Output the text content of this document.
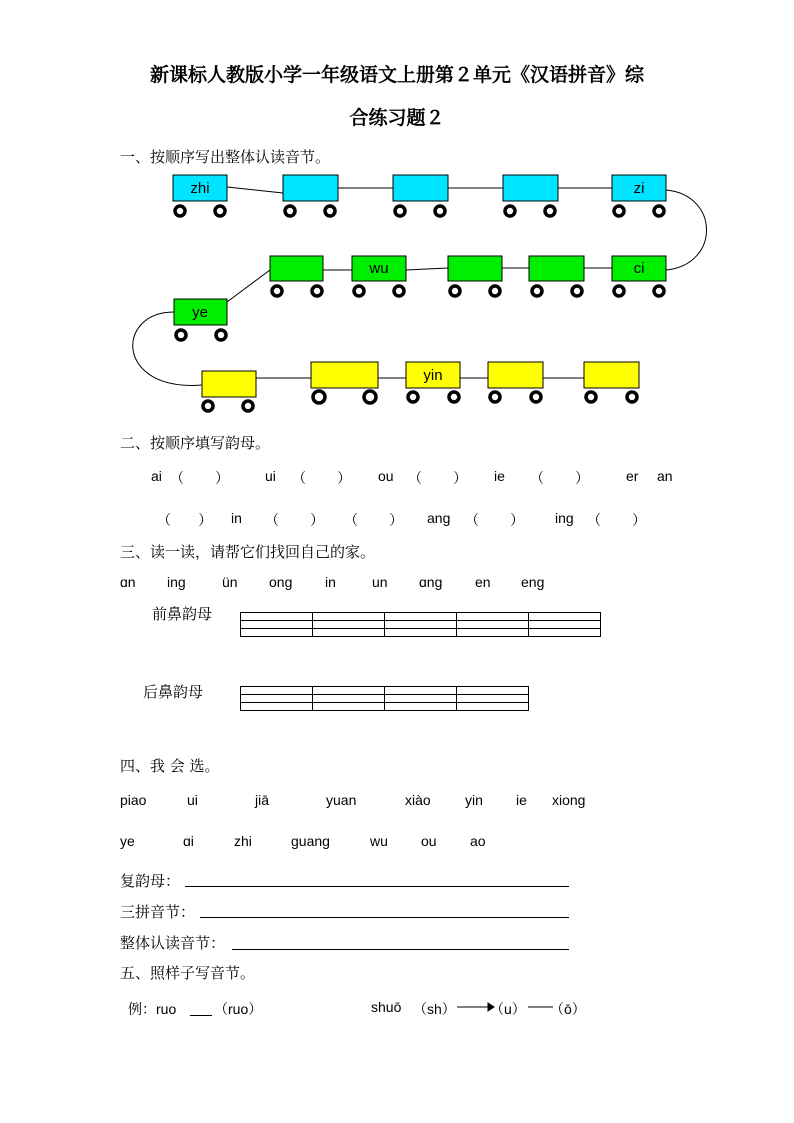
新课标人教版小学一年级语文上册第２单元《汉语拼音》综
合练习题２
一、按顺序写出整体认读音节。
zhi	zi
wu	ci
ye
yin
二、按顺序填写韵母。
ai （        ）	ui （        ） ou （        ） ie （        ）	er an
（       ） in （        ） （        ） ang （        ） ing （        ）
三、读一读，请帮它们找回自己的家。
ɑn ing	ün ong in	un ɑng en eng
前鼻韵母

后鼻韵母

四、我 会 选。
piao	ui	jiā	yuan	xiào yin ie xiong
ye	ɑi	zhi	guang	wu ou ao
复韵母：
三拼音节：
整体认读音节：
五、照样子写音节。
例：ruo	（ruo）	shuō （sh） （u） （ō）
